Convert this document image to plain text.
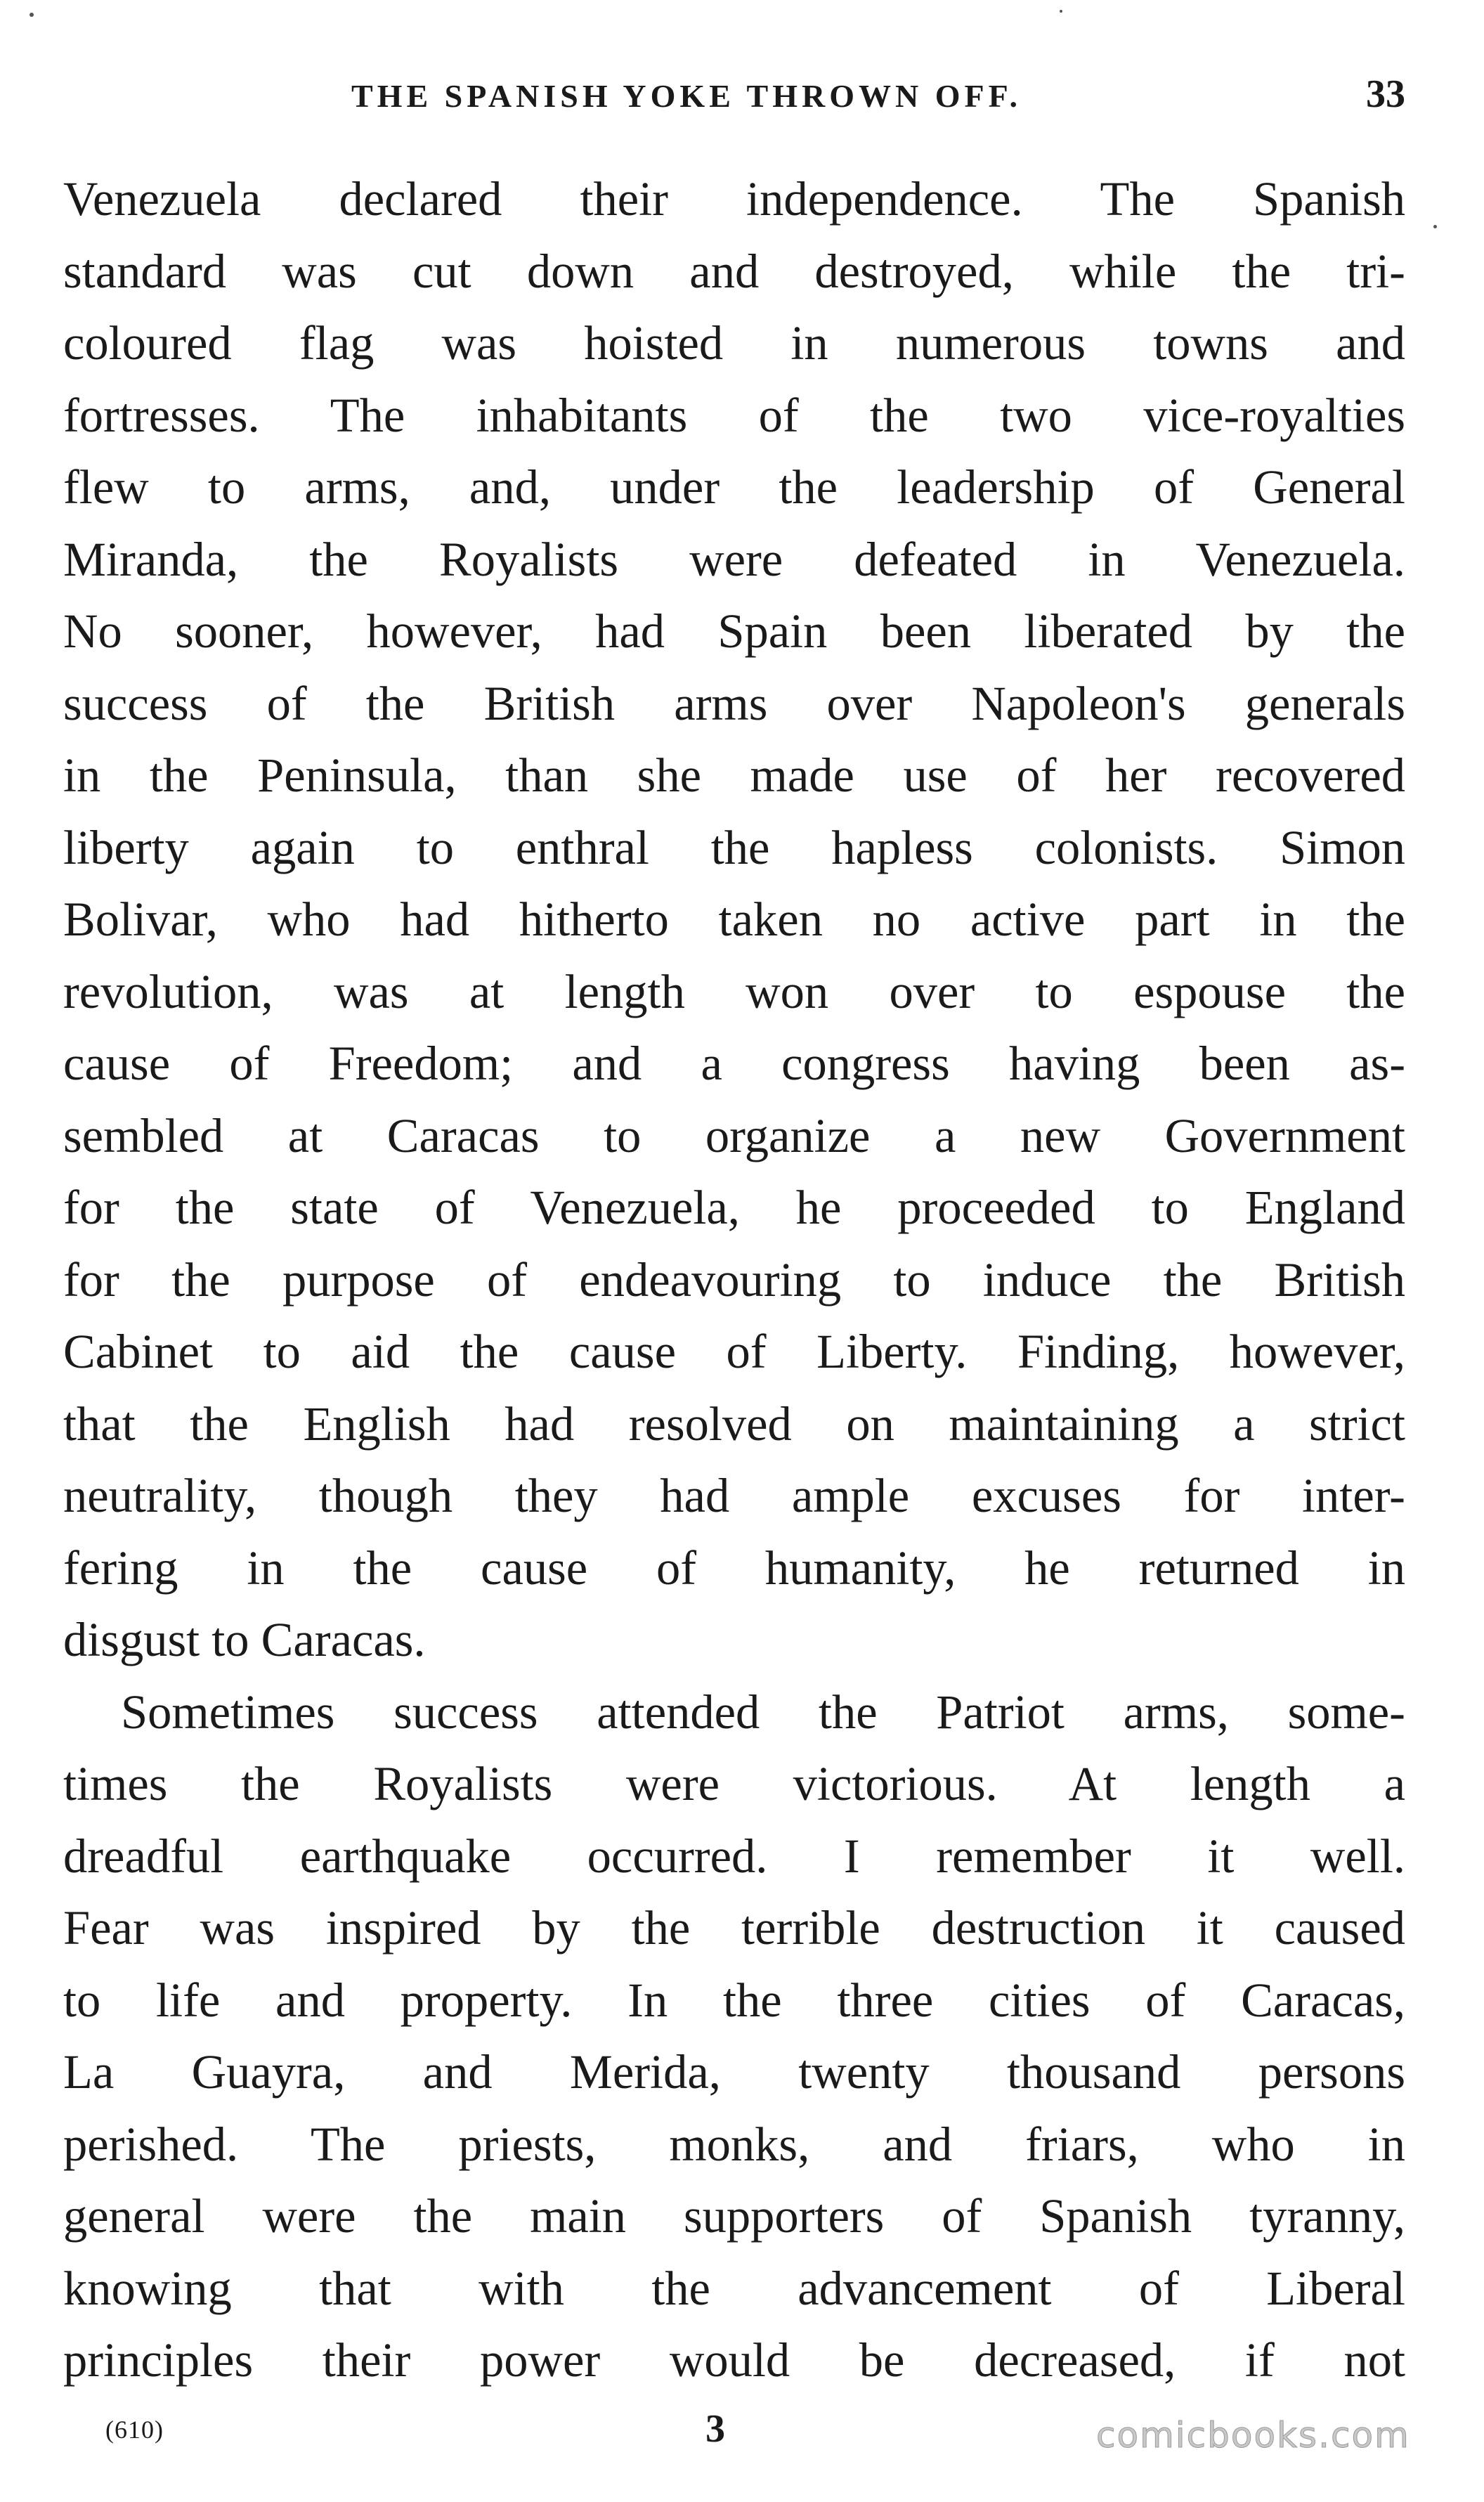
THE SPANISH YOKE THROWN OFF.	33
Venezuela declared their independence. The Spanish
standard was cut down and destroyed, while the tri-
coloured flag was hoisted in numerous towns and
fortresses. The inhabitants of the two vice-royalties
flew to arms, and, under the leadership of General
Miranda, the Royalists were defeated in Venezuela.
No sooner, however, had Spain been liberated by the
success of the British arms over Napoleon's generals
in the Peninsula, than she made use of her recovered
liberty again to enthral the hapless colonists. Simon
Bolivar, who had hitherto taken no active part in the
revolution, was at length won over to espouse the
cause of Freedom; and a congress having been as-
sembled at Caracas to organize a new Government
for the state of Venezuela, he proceeded to England
for the purpose of endeavouring to induce the British
Cabinet to aid the cause of Liberty. Finding, however,
that the English had resolved on maintaining a strict
neutrality, though they had ample excuses for inter-
fering in the cause of humanity, he returned in
disgust to Caracas.
Sometimes success attended the Patriot arms, some-
times the Royalists were victorious. At length a
dreadful earthquake occurred. I remember it well.
Fear was inspired by the terrible destruction it caused
to life and property. In the three cities of Caracas,
La Guayra, and Merida, twenty thousand persons
perished. The priests, monks, and friars, who in
general were the main supporters of Spanish tyranny,
knowing that with the advancement of Liberal
principles their power would be decreased, if not
(610)	3	comicbooks.com
